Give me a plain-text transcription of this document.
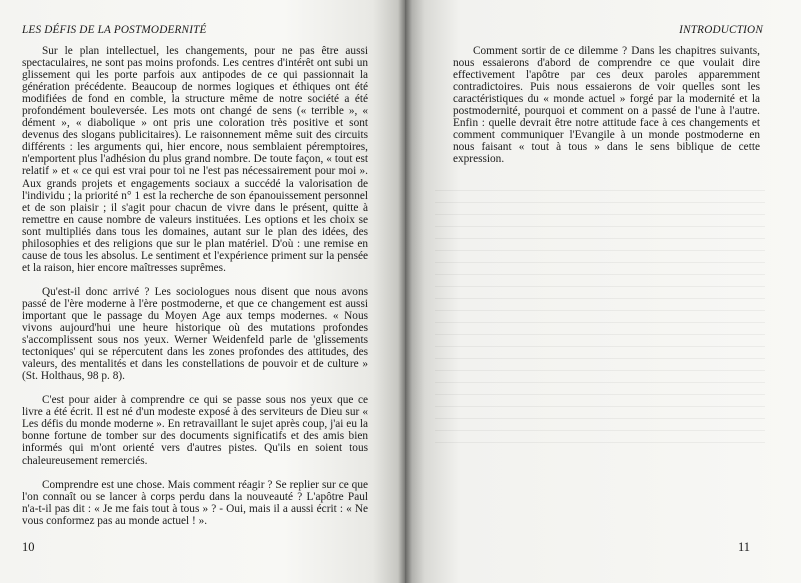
LES DÉFIS DE LA POSTMODERNITÉ

Sur le plan intellectuel, les changements, pour ne pas être aussi spectaculaires, ne sont pas moins profonds. Les centres d'intérêt ont subi un glissement qui les porte parfois aux antipodes de ce qui passionnait la génération précédente. Beaucoup de normes logiques et éthiques ont été modifiées de fond en comble, la structure même de notre société a été profondément bouleversée. Les mots ont changé de sens (« terrible », « dément », « diabolique » ont pris une coloration très positive et sont devenus des slogans publicitaires). Le raisonnement même suit des circuits différents : les arguments qui, hier encore, nous semblaient péremptoires, n'emportent plus l'adhésion du plus grand nombre. De toute façon, « tout est relatif » et « ce qui est vrai pour toi ne l'est pas nécessairement pour moi ». Aux grands projets et engagements sociaux a succédé la valorisation de l'individu ; la priorité n° 1 est la recherche de son épanouissement personnel et de son plaisir ; il s'agit pour chacun de vivre dans le présent, quitte à remettre en cause nombre de valeurs instituées. Les options et les choix se sont multipliés dans tous les domaines, autant sur le plan des idées, des philosophies et des religions que sur le plan matériel. D'où : une remise en cause de tous les absolus. Le sentiment et l'expérience priment sur la pensée et la raison, hier encore maîtresses suprêmes.

Qu'est-il donc arrivé ? Les sociologues nous disent que nous avons passé de l'ère moderne à l'ère postmoderne, et que ce changement est aussi important que le passage du Moyen Age aux temps modernes. « Nous vivons aujourd'hui une heure historique où des mutations profondes s'accomplissent sous nos yeux. Werner Weidenfeld parle de 'glissements tectoniques' qui se répercutent dans les zones profondes des attitudes, des valeurs, des mentalités et dans les constellations de pouvoir et de culture » (St. Holthaus, 98 p. 8).

C'est pour aider à comprendre ce qui se passe sous nos yeux que ce livre a été écrit. Il est né d'un modeste exposé à des serviteurs de Dieu sur « Les défis du monde moderne ». En retravaillant le sujet après coup, j'ai eu la bonne fortune de tomber sur des documents significatifs et des amis bien informés qui m'ont orienté vers d'autres pistes. Qu'ils en soient tous chaleureusement remerciés.

Comprendre est une chose. Mais comment réagir ? Se replier sur ce que l'on connaît ou se lancer à corps perdu dans la nouveauté ? L'apôtre Paul n'a-t-il pas dit : « Je me fais tout à tous » ? - Oui, mais il a aussi écrit : « Ne vous conformez pas au monde actuel ! ».

10
INTRODUCTION

Comment sortir de ce dilemme ? Dans les chapitres suivants, nous essaierons d'abord de comprendre ce que voulait dire effectivement l'apôtre par ces deux paroles apparemment contradictoires. Puis nous essaierons de voir quelles sont les caractéristiques du « monde actuel » forgé par la modernité et la postmodernité, pourquoi et comment on a passé de l'une à l'autre. Enfin : quelle devrait être notre attitude face à ces changements et comment communiquer l'Evangile à un monde postmoderne en nous faisant « tout à tous » dans le sens biblique de cette expression.

11
